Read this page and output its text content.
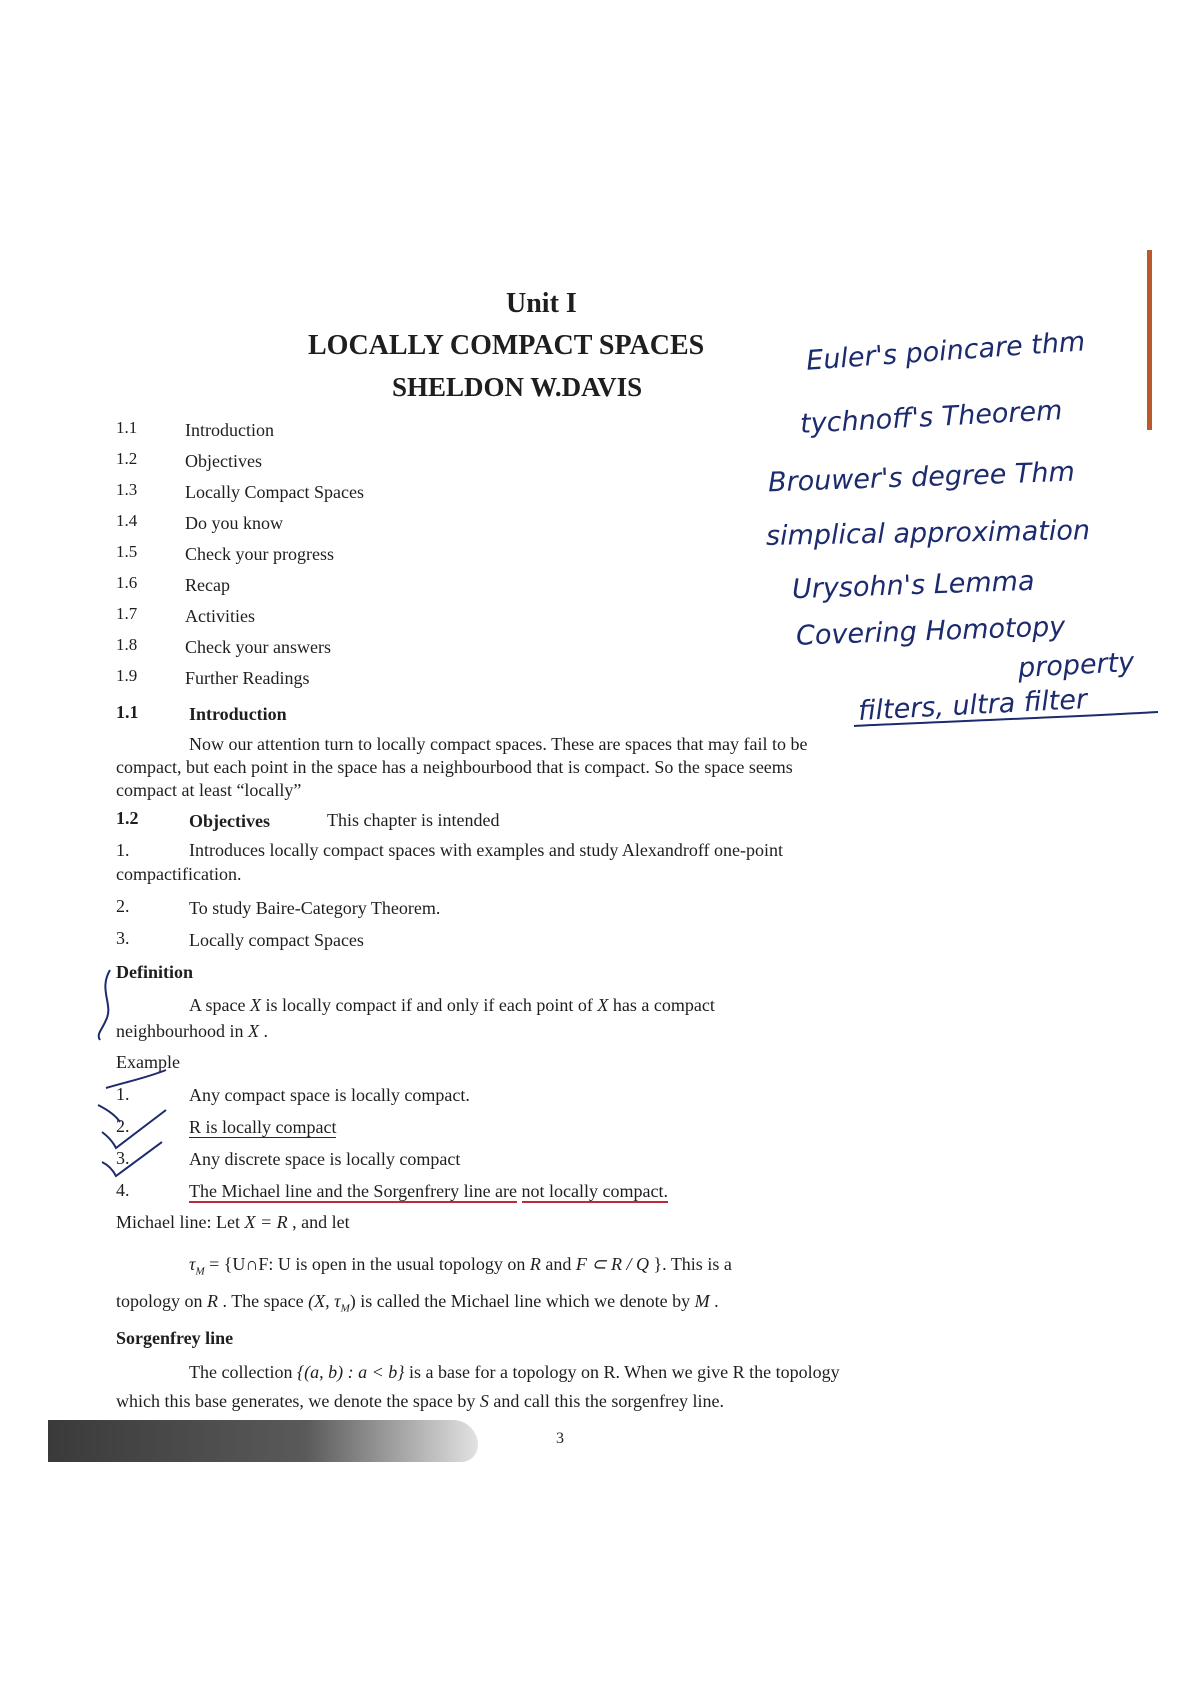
Unit I
LOCALLY COMPACT SPACES
SHELDON W.DAVIS
1.1	Introduction
1.2	Objectives
1.3	Locally Compact Spaces
1.4	Do you know
1.5	Check your progress
1.6	Recap
1.7	Activities
1.8	Check your answers
1.9	Further Readings
Euler's poincare thm
tychnoff's Theorem
Brouwer's degree Thm
simplical approximation
Urysohn's Lemma
Covering Homotopy
property
filters, ultra filter
1.1	Introduction
Now our attention turn to locally compact spaces. These are spaces that may fail to be
compact, but each point in the space has a neighbourbood that is compact. So the space seems
compact at least “locally”
1.2	Objectives	This chapter is intended
1.	Introduces locally compact spaces with examples and study Alexandroff one-point
compactification.
2.	To study Baire-Category Theorem.
3.	Locally compact Spaces
Definition
A space X is locally compact if and only if each point of X has a compact
neighbourhood in X .
Example
1.	Any compact space is locally compact.
2.	R is locally compact
3.	Any discrete space is locally compact
4.	The Michael line and the Sorgenfrery line are not locally compact.
Michael line: Let X = R , and let
$\tau_M$ = {U∩F: U is open in the usual topology on R and F ⊂ R / Q }. This is a
topology on R . The space (X, $\tau_M$) is called the Michael line which we denote by M .
Sorgenfrey line
The collection {(a, b) : a < b} is a base for a topology on R. When we give R the topology
which this base generates, we denote the space by S and call this the sorgenfrey line.
3
